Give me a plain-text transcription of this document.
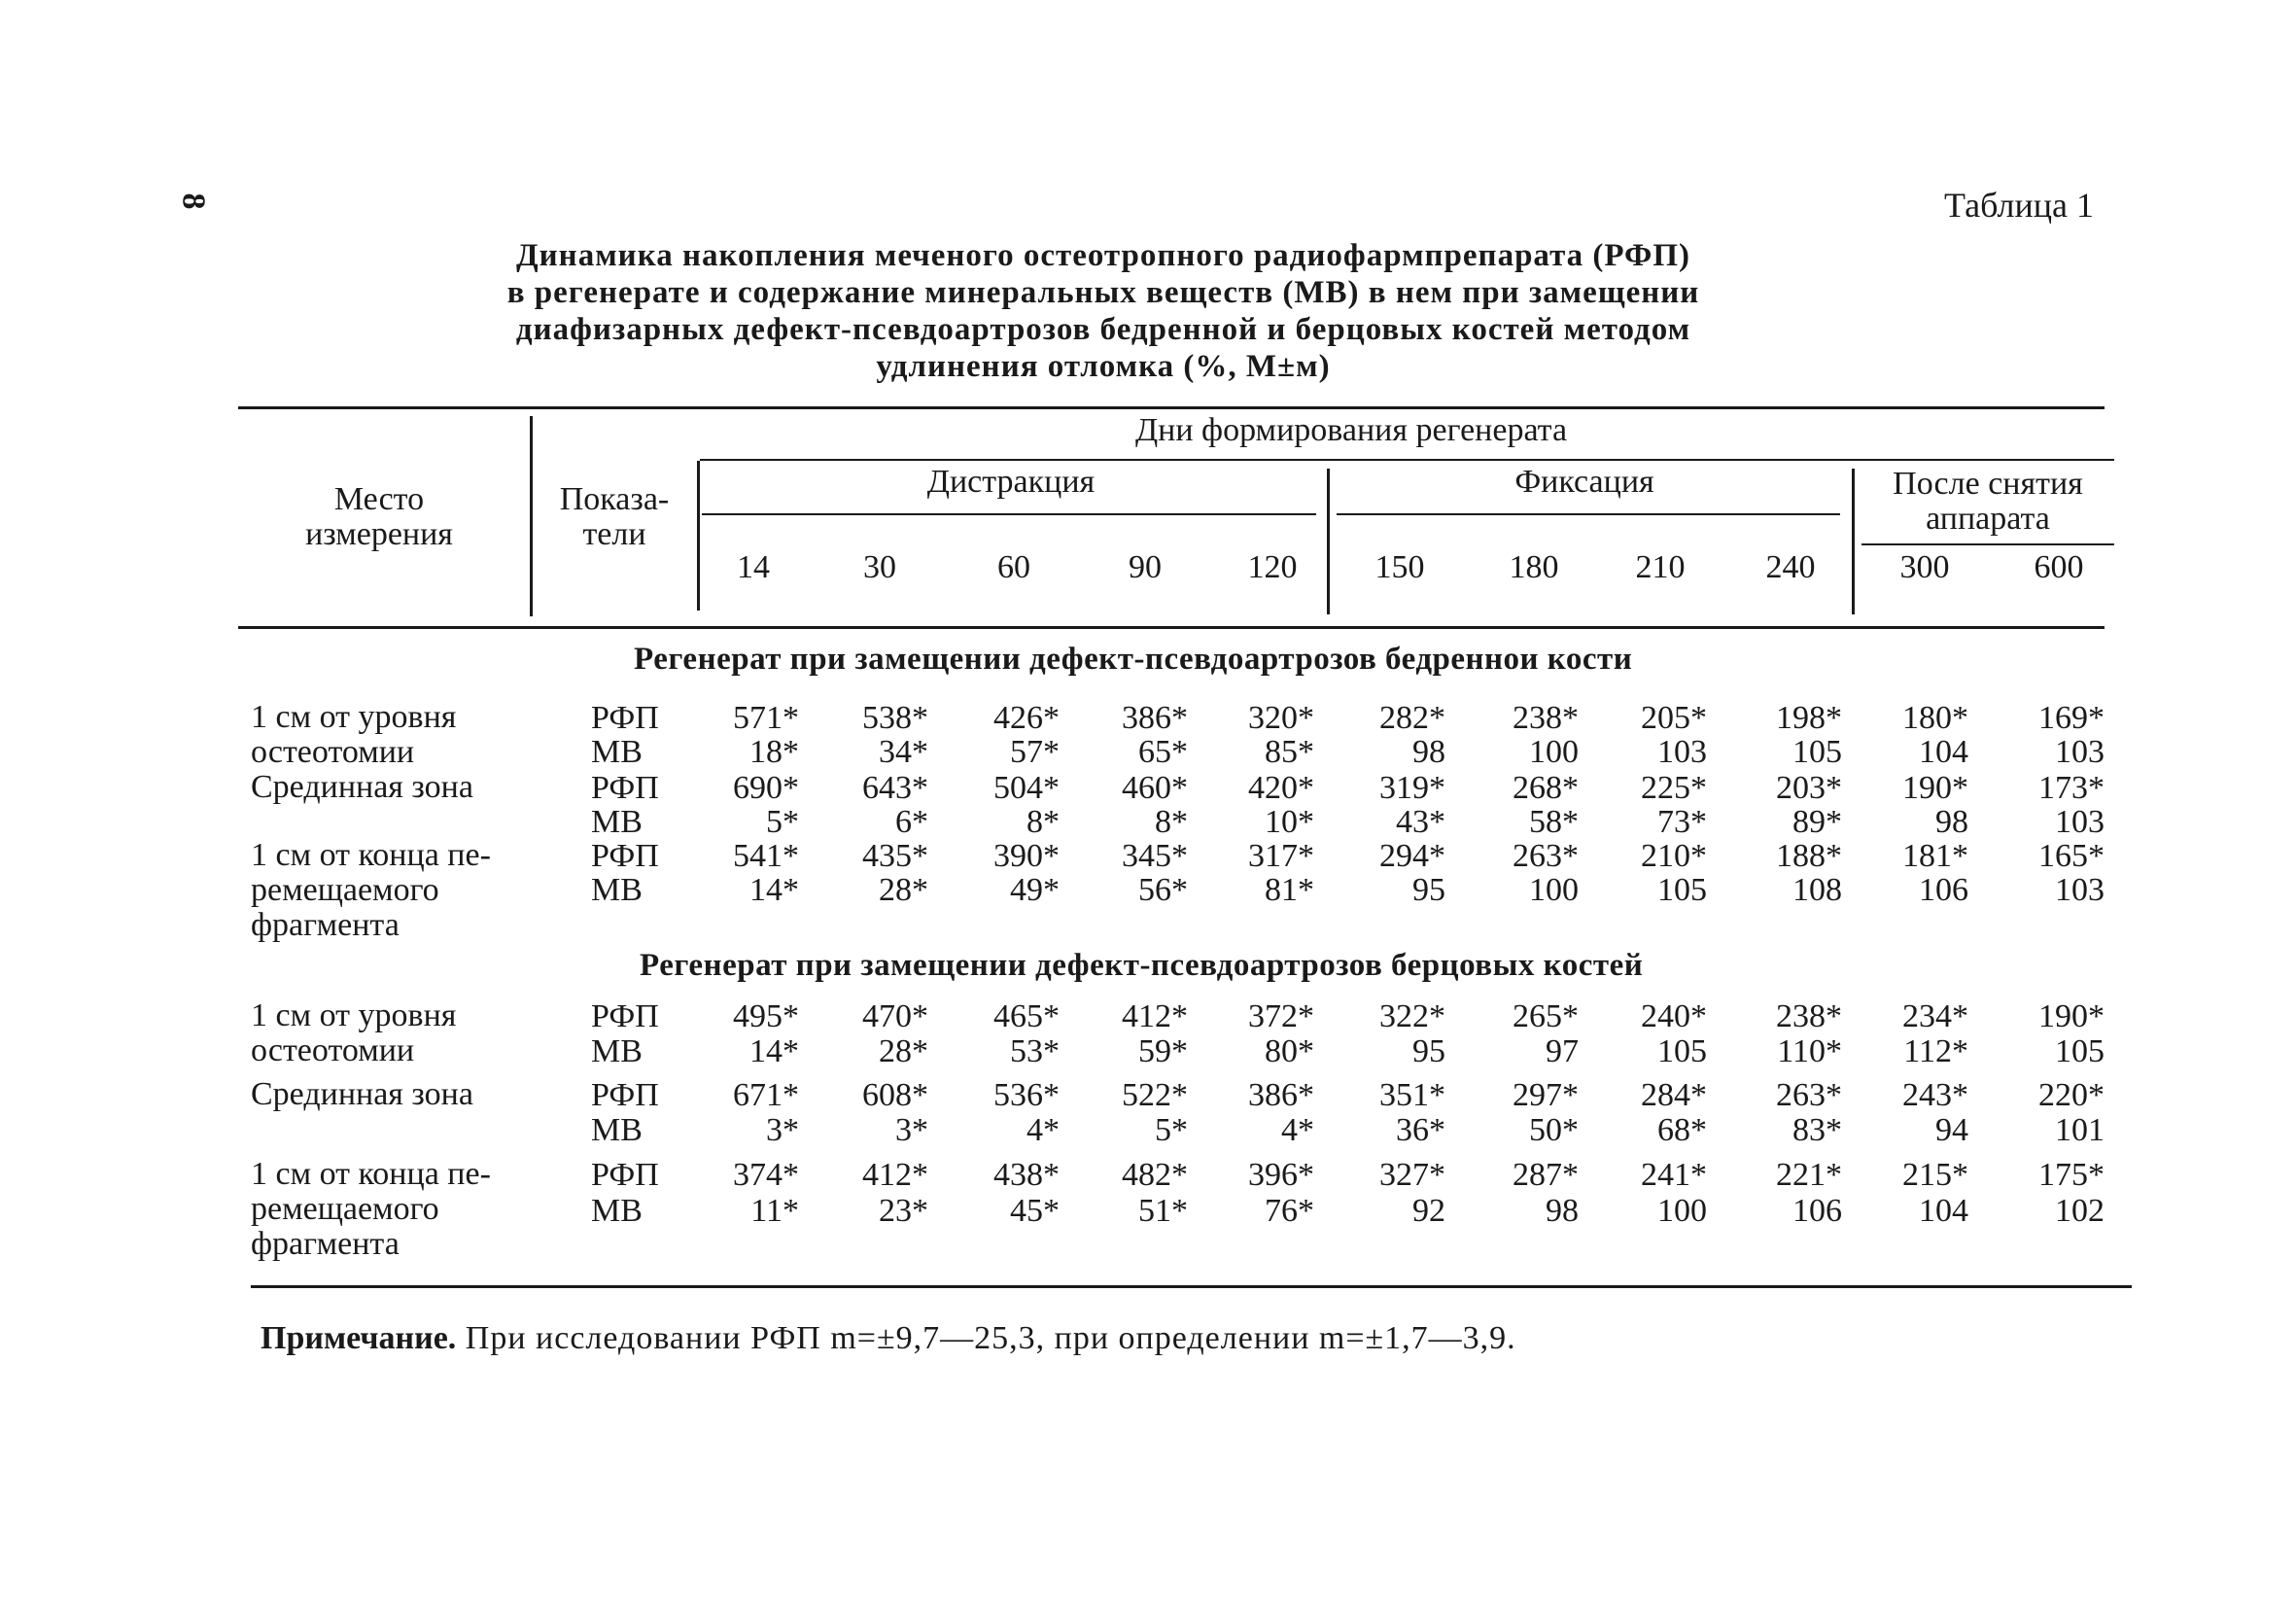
8	Таблица 1
Динамика накопления меченого остеотропного радиофармпрепарата (РФП)
в регенерате и содержание минеральных веществ (МВ) в нем при замещении
диафизарных дефект-псевдоартрозов бедренной и берцовых костей методом
удлинения отломка (%, M±м)
Место
измерения
Показа-
тели
Дни формирования регенерата
Дистракция	Фиксация	После снятия
аппарата
14	30	60	90	120	150	180	210	240	300	600
Регенерат при замещении дефект-псевдоартрозов бедреннои кости
1 см от уровня
остеотомии
РФП	571*	538*	426*	386*	320*	282*	238*	205*	198*	180*	169*
МВ	18*	34*	57*	65*	85*	98	100	103	105	104	103
Срединная зона	РФП	690*	643*	504*	460*	420*	319*	268*	225*	203*	190*	173*
МВ	5*	6*	8*	8*	10*	43*	58*	73*	89*	98	103
1 см от конца пе-
ремещаемого
фрагмента
РФП	541*	435*	390*	345*	317*	294*	263*	210*	188*	181*	165*
МВ	14*	28*	49*	56*	81*	95	100	105	108	106	103
Регенерат при замещении дефект-псевдоартрозов берцовых костей
1 см от уровня
остеотомии
РФП	495*	470*	465*	412*	372*	322*	265*	240*	238*	234*	190*
МВ	14*	28*	53*	59*	80*	95	97	105	110*	112*	105
Срединная зона	РФП	671*	608*	536*	522*	386*	351*	297*	284*	263*	243*	220*
МВ	3*	3*	4*	5*	4*	36*	50*	68*	83*	94	101
1 см от конца пе-
ремещаемого
фрагмента
РФП	374*	412*	438*	482*	396*	327*	287*	241*	221*	215*	175*
МВ	11*	23*	45*	51*	76*	92	98	100	106	104	102
Примечание. При исследовании РФП m=±9,7—25,3, при определении m=±1,7—3,9.
